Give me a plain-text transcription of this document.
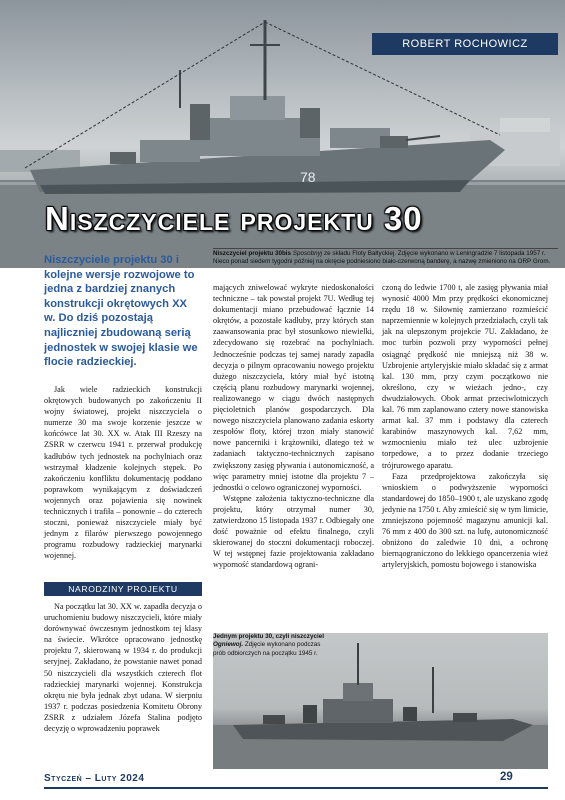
78
ROBERT ROCHOWICZ
Niszczyciele projektu 30

Niszczyciele projektu 30 i kolejne wersje rozwojowe to jedna z bardziej znanych konstrukcji okrętowych XX w. Do dziś pozostają najliczniej zbudowaną serią jednostek w swojej klasie we flocie radzieckiej.

Niszczyciel projektu 30bis Sposobnyj ze składu Floty Bałtyckiej. Zdjęcie wykonano w Leningradzie 7 listopada 1957 r. Nieco ponad siedem tygodni później na okręcie podniesiono biało-czerwoną banderę, a nazwę zmieniono na ORP Grom.

Jak wiele radzieckich konstrukcji okrętowych budowanych po zakończeniu II wojny światowej, projekt niszczyciela o numerze 30 ma swoje korzenie jeszcze w końcówce lat 30. XX w. Atak III Rzeszy na ZSRR w czerwcu 1941 r. przerwał produkcję kadłubów tych jednostek na pochylniach oraz wstrzymał kładzenie kolejnych stępek. Po zakończeniu konfliktu dokumentację poddano poprawkom wynikającym z doświadczeń wojennych oraz pojawienia się nowinek technicznych i trafiła – ponownie – do czterech stoczni, ponieważ niszczyciele miały być jednym z filarów pierwszego powojennego programu rozbudowy radzieckiej marynarki wojennej.

NARODZINY PROJEKTU

Na początku lat 30. XX w. zapadła decyzja o uruchomieniu budowy niszczycieli, które miały dorównywać ówczesnym jednostkom tej klasy na świecie. Wkrótce opracowano jednostkę projektu 7, skierowaną w 1934 r. do produkcji seryjnej. Zakładano, że powstanie nawet ponad 50 niszczycieli dla wszystkich czterech flot radzieckiej marynarki wojennej. Konstrukcja okrętu nie była jednak zbyt udana. W sierpniu 1937 r. podczas posiedzenia Komitetu Obrony ZSRR z udziałem Józefa Stalina podjęto decyzję o wprowadzeniu poprawek

mających zniwelować wykryte niedoskonałości techniczne – tak powstał projekt 7U. Według tej dokumentacji miano przebudować łącznie 14 okrętów, a pozostałe kadłuby, przy których stan zaawansowania prac był stosunkowo niewielki, zdecydowano się rozebrać na pochylniach. Jednocześnie podczas tej samej narady zapadła decyzja o pilnym opracowaniu nowego projektu dużego niszczyciela, który miał być istotną częścią planu rozbudowy marynarki wojennej, realizowanego w ciągu dwóch następnych pięcioletnich planów gospodarczych. Dla nowego niszczyciela planowano zadania eskorty zespołów floty, której trzon miały stanowić nowe pancerniki i krążowniki, dlatego też w zadaniach taktyczno-technicznych zapisano zwiększony zasięg pływania i autonomiczność, a więc parametry mniej istotne dla projektu 7 – jednostki o celowo ograniczonej wyporności.

Wstępne założenia taktyczno-techniczne dla projektu, który otrzymał numer 30, zatwierdzono 15 listopada 1937 r. Odbiegały one dość poważnie od efektu finalnego, czyli skierowanej do stoczni dokumentacji roboczej. W tej wstępnej fazie projektowania zakładano wyporność standardową ograni-

czoną do ledwie 1700 t, ale zasięg pływania miał wynosić 4000 Mm przy prędkości ekonomicznej rzędu 18 w. Siłownię zamierzano rozmieścić naprzemiennie w kolejnych przedziałach, czyli tak jak na ulepszonym projekcie 7U. Zakładano, że moc turbin pozwoli przy wyporności pełnej osiągnąć prędkość nie mniejszą niż 38 w. Uzbrojenie artyleryjskie miało składać się z armat kal. 130 mm, przy czym początkowo nie określono, czy w wieżach jedno-, czy dwudziałowych. Obok armat przeciwlotniczych kal. 76 mm zaplanowano cztery nowe stanowiska armat kal. 37 mm i podstawy dla czterech karabinów maszynowych kal. 7,62 mm, wzmocnieniu miało też ulec uzbrojenie torpedowe, a to przez dodanie trzeciego trójrurowego aparatu.

Faza przedprojektowa zakończyła się wnioskiem o podwyższenie wyporności standardowej do 1850–1900 t, ale uzyskano zgodę jedynie na 1750 t. Aby zmieścić się w tym limicie, zmniejszono pojemność magazynu amunicji kal. 76 mm z 400 do 300 szt. na lufę, autonomiczność obniżono do zaledwie 10 dni, a ochronę biernąograniczono do lekkiego opancerzenia wież artyleryjskich, pomostu bojowego i stanowiska

Jednym projektu 30, czyli niszczyciel Ogniewoj. Zdjęcie wykonano podczas prób odbiorczych na początku 1945 r.
Styczeń – Luty 2024	29
